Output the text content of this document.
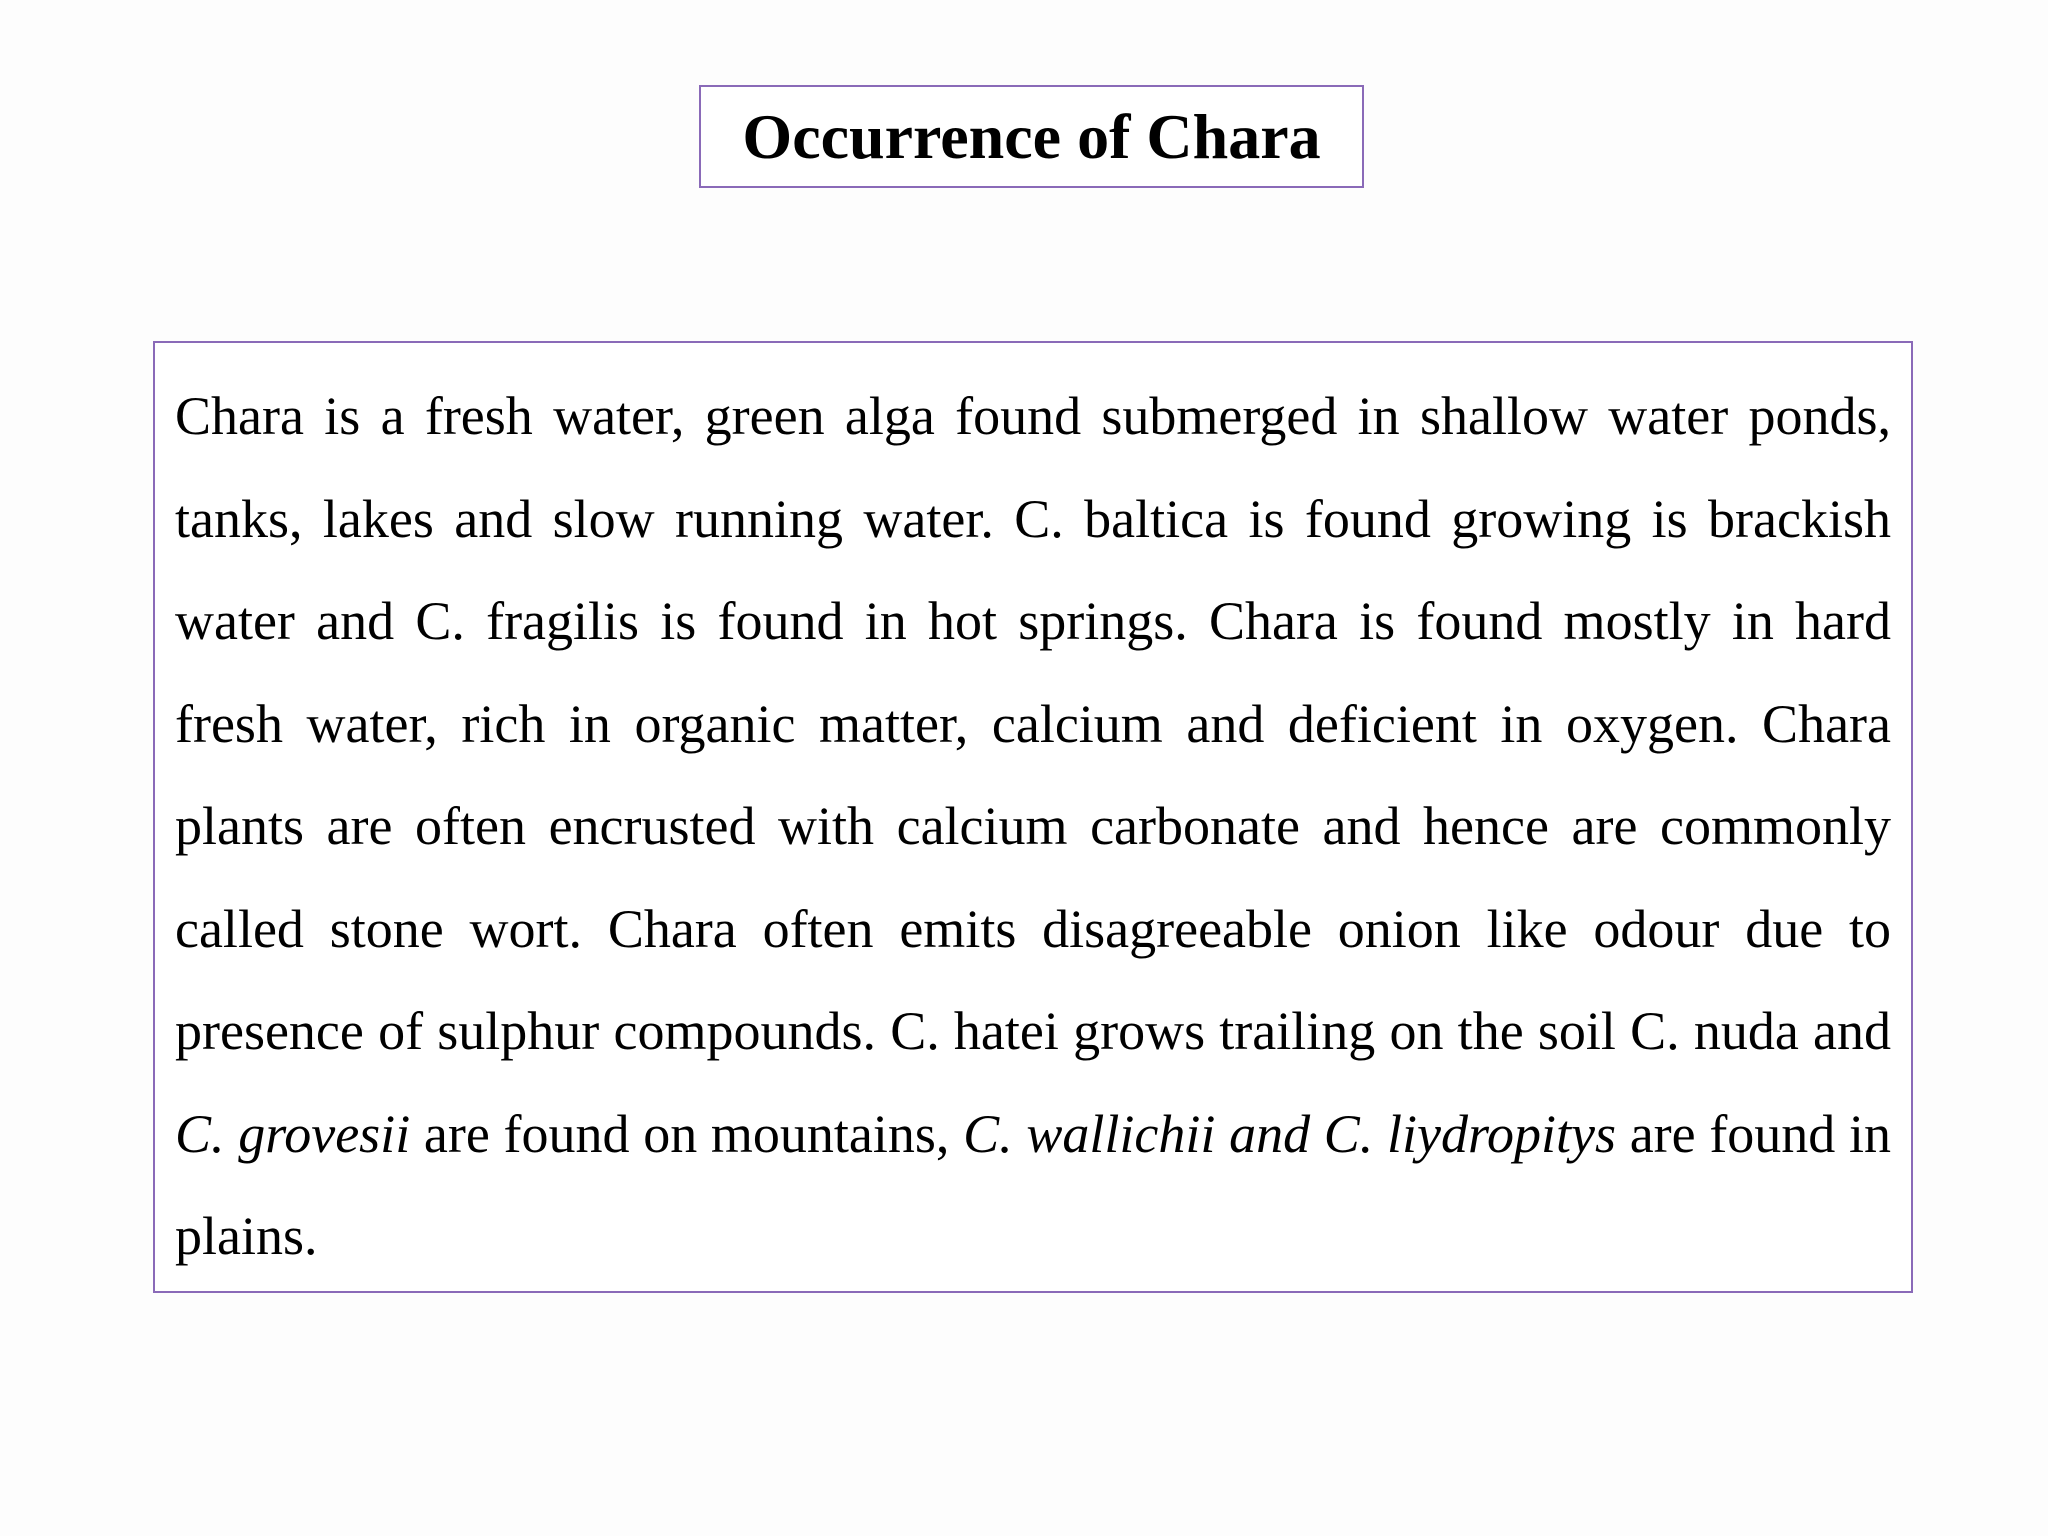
Occurrence of Chara

Chara is a fresh water, green alga found submerged in shallow water ponds, tanks, lakes and slow running water. C. baltica is found growing is brackish water and C. fragilis is found in hot springs. Chara is found mostly in hard fresh water, rich in organic matter, calcium and deficient in oxygen. Chara plants are often encrusted with calcium carbonate and hence are commonly called stone wort. Chara often emits disagreeable onion like odour due to presence of sulphur compounds. C. hatei grows trailing on the soil C. nuda and C. grovesii are found on mountains, C. wallichii and C. liydropitys are found in plains.
